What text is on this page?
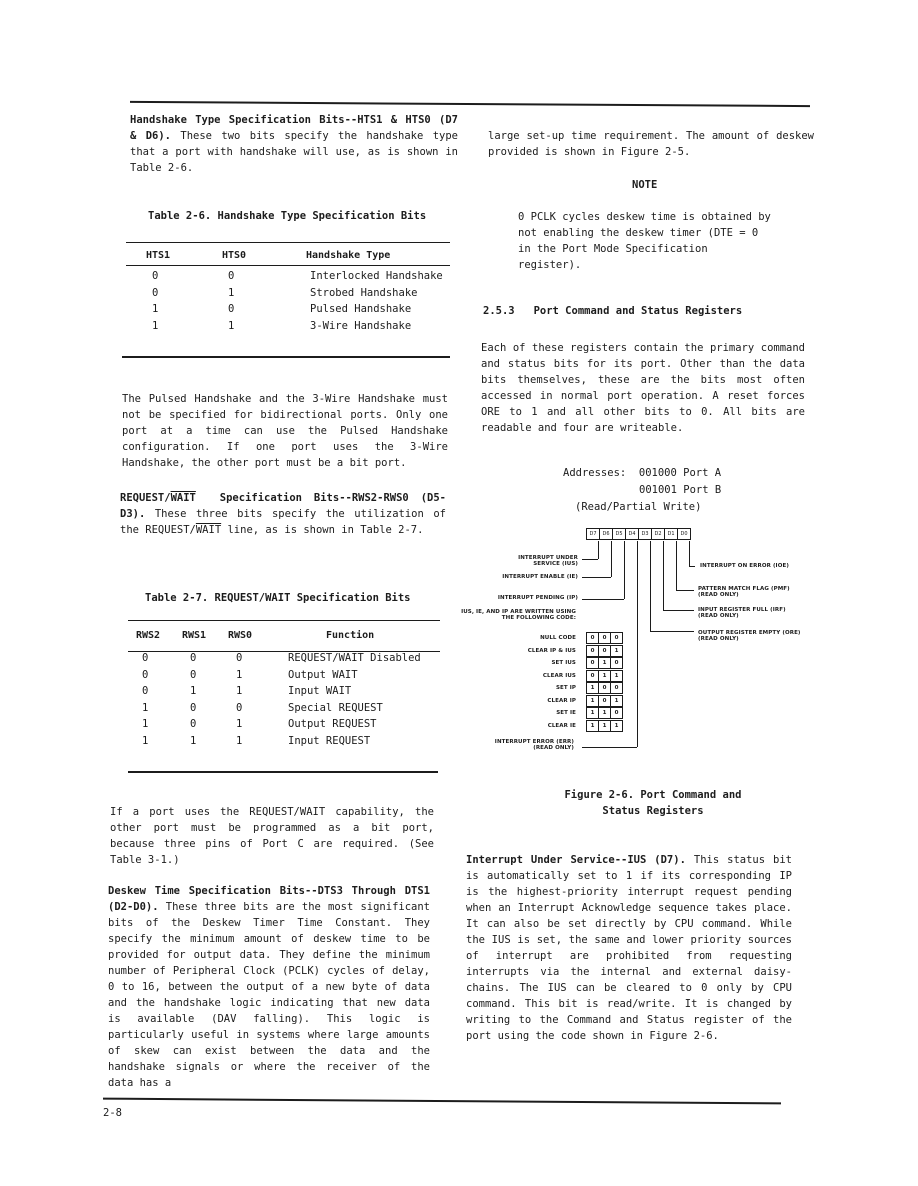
Handshake Type Specification Bits--HTS1 & HTS0 (D7 & D6). These two bits specify the handshake type that a port with handshake will use, as is shown in Table 2-6.

Table 2-6. Handshake Type Specification Bits
HTS1	HTS0	Handshake Type
0	0	Interlocked Handshake
0	1	Strobed Handshake
1	0	Pulsed Handshake
1	1	3-Wire Handshake
The Pulsed Handshake and the 3-Wire Handshake must not be specified for bidirectional ports. Only one port at a time can use the Pulsed Handshake configuration. If one port uses the 3-Wire Handshake, the other port must be a bit port.

REQUEST/WAIT Specification Bits--RWS2-RWS0 (D5-D3). These three bits specify the utilization of the REQUEST/WAIT line, as is shown in Table 2-7.

Table 2-7. REQUEST/WAIT Specification Bits
RWS2	RWS1	RWS0	Function
0	0	0	REQUEST/WAIT Disabled
0	0	1	Output WAIT
0	1	1	Input WAIT
1	0	0	Special REQUEST
1	0	1	Output REQUEST
1	1	1	Input REQUEST
If a port uses the REQUEST/WAIT capability, the other port must be programmed as a bit port, because three pins of Port C are required. (See Table 3-1.)

Deskew Time Specification Bits--DTS3 Through DTS1 (D2-D0). These three bits are the most significant bits of the Deskew Timer Time Constant. They specify the minimum amount of deskew time to be provided for output data. They define the minimum number of Peripheral Clock (PCLK) cycles of delay, 0 to 16, between the output of a new byte of data and the handshake logic indicating that new data is available (DAV falling). This logic is particularly useful in systems where large amounts of skew can exist between the data and the handshake signals or where the receiver of the data has a

large set-up time requirement. The amount of deskew provided is shown in Figure 2-5.
NOTE
0 PCLK cycles deskew time is obtained by not enabling the deskew timer (DTE = 0 in the Port Mode Specification register).
2.5.3 Port Command and Status Registers
Each of these registers contain the primary command and status bits for its port. Other than the data bits themselves, these are the bits most often accessed in normal port operation. A reset forces ORE to 1 and all other bits to 0. All bits are readable and four are writeable.
Addresses: 001000 Port A
001001 Port B
(Read/Partial Write)
D7	D6	D5	D4	D3	D2	D1	D0
INTERRUPT UNDER
SERVICE (IUS)
INTERRUPT ENABLE (IE)
INTERRUPT PENDING (IP)
IUS, IE, AND IP ARE WRITTEN USING
THE FOLLOWING CODE:
INTERRUPT ON ERROR (IOE)
PATTERN MATCH FLAG (PMF)
(READ ONLY)
INPUT REGISTER FULL (IRF)
(READ ONLY)
OUTPUT REGISTER EMPTY (ORE)
(READ ONLY)
NULL CODE	0	0	0
CLEAR IP & IUS	0	0	1
SET IUS	0	1	0
CLEAR IUS	0	1	1
SET IP	1	0	0
CLEAR IP	1	0	1
SET IE	1	1	0
CLEAR IE	1	1	1
INTERRUPT ERROR (ERR)
(READ ONLY)
Figure 2-6. Port Command and
Status Registers

Interrupt Under Service--IUS (D7). This status bit is automatically set to 1 if its corresponding IP is the highest-priority interrupt request pending when an Interrupt Acknowledge sequence takes place. It can also be set directly by CPU command. While the IUS is set, the same and lower priority sources of interrupt are prohibited from requesting interrupts via the internal and external daisy-chains. The IUS can be cleared to 0 only by CPU command. This bit is read/write. It is changed by writing to the Command and Status register of the port using the code shown in Figure 2-6.

2-8
